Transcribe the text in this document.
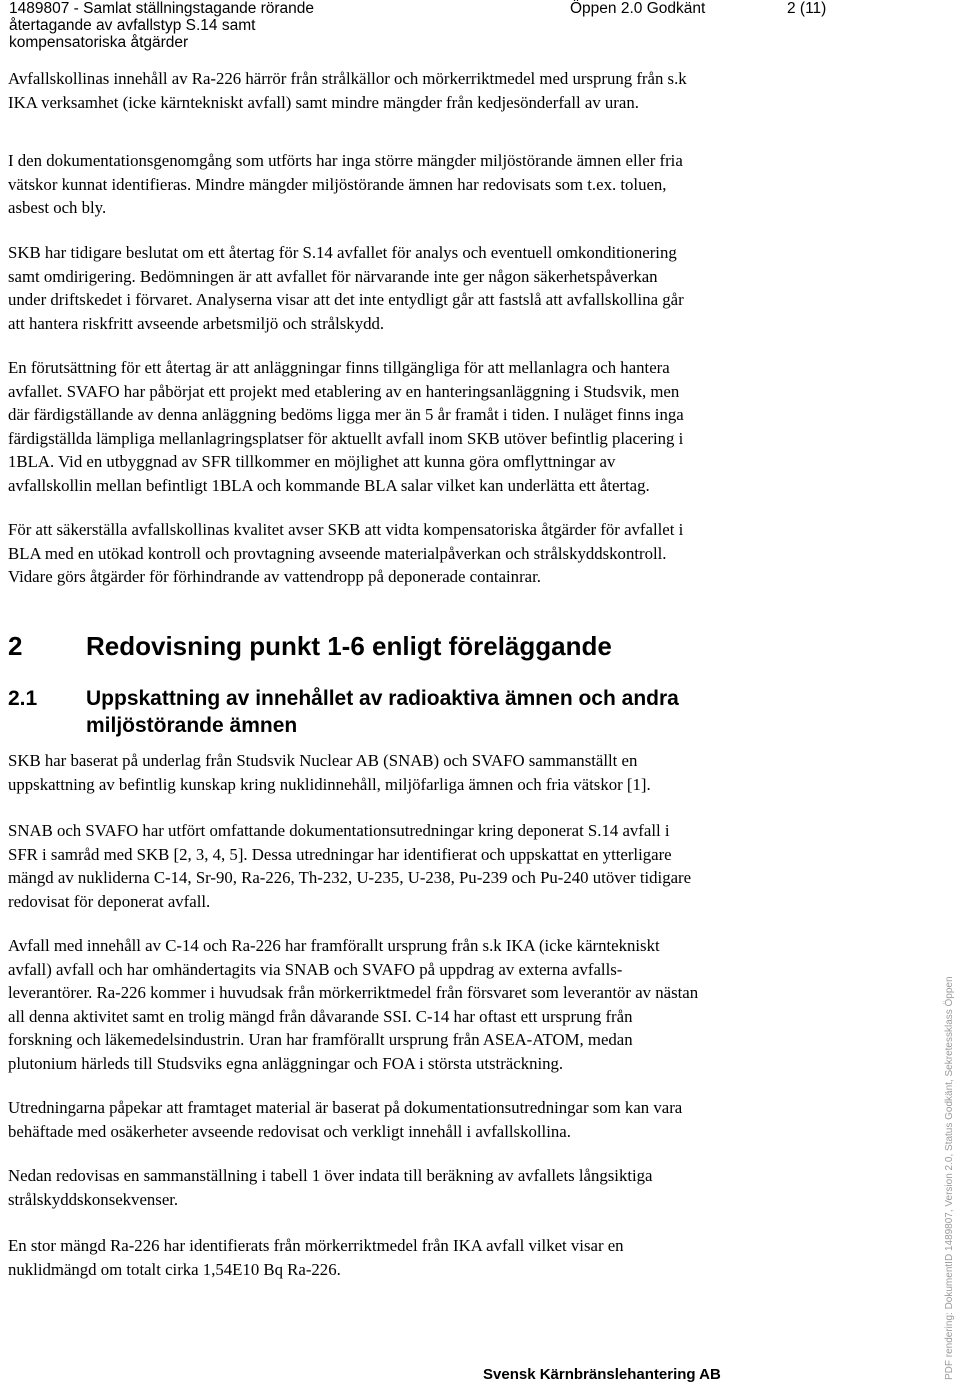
1489807 - Samlat ställningstagande rörande
återtagande av avfallstyp S.14 samt
kompensatoriska åtgärder
Öppen 2.0 Godkänt	2 (11)

Avfallskollinas innehåll av Ra-226 härrör från strålkällor och mörkerriktmedel med ursprung från s.k
IKA verksamhet (icke kärntekniskt avfall) samt mindre mängder från kedjesönderfall av uran.

I den dokumentationsgenomgång som utförts har inga större mängder miljöstörande ämnen eller fria
vätskor kunnat identifieras. Mindre mängder miljöstörande ämnen har redovisats som t.ex. toluen,
asbest och bly.

SKB har tidigare beslutat om ett återtag för S.14 avfallet för analys och eventuell omkonditionering
samt omdirigering. Bedömningen är att avfallet för närvarande inte ger någon säkerhetspåverkan
under driftskedet i förvaret. Analyserna visar att det inte entydligt går att fastslå att avfallskollina går
att hantera riskfritt avseende arbetsmiljö och strålskydd.

En förutsättning för ett återtag är att anläggningar finns tillgängliga för att mellanlagra och hantera
avfallet. SVAFO har påbörjat ett projekt med etablering av en hanteringsanläggning i Studsvik, men
där färdigställande av denna anläggning bedöms ligga mer än 5 år framåt i tiden. I nuläget finns inga
färdigställda lämpliga mellanlagringsplatser för aktuellt avfall inom SKB utöver befintlig placering i
1BLA. Vid en utbyggnad av SFR tillkommer en möjlighet att kunna göra omflyttningar av
avfallskollin mellan befintligt 1BLA och kommande BLA salar vilket kan underlätta ett återtag.

För att säkerställa avfallskollinas kvalitet avser SKB att vidta kompensatoriska åtgärder för avfallet i
BLA med en utökad kontroll och provtagning avseende materialpåverkan och strålskyddskontroll.
Vidare görs åtgärder för förhindrande av vattendropp på deponerade containrar.

2 Redovisning punkt 1-6 enligt föreläggande
2.1	Uppskattning av innehållet av radioaktiva ämnen och andra
miljöstörande ämnen

SKB har baserat på underlag från Studsvik Nuclear AB (SNAB) och SVAFO sammanställt en
uppskattning av befintlig kunskap kring nuklidinnehåll, miljöfarliga ämnen och fria vätskor [1].

SNAB och SVAFO har utfört omfattande dokumentationsutredningar kring deponerat S.14 avfall i
SFR i samråd med SKB [2, 3, 4, 5]. Dessa utredningar har identifierat och uppskattat en ytterligare
mängd av nukliderna C-14, Sr-90, Ra-226, Th-232, U-235, U-238, Pu-239 och Pu-240 utöver tidigare
redovisat för deponerat avfall.

Avfall med innehåll av C-14 och Ra-226 har framförallt ursprung från s.k IKA (icke kärntekniskt
avfall) avfall och har omhändertagits via SNAB och SVAFO på uppdrag av externa avfalls-
leverantörer. Ra-226 kommer i huvudsak från mörkerriktmedel från försvaret som leverantör av nästan
all denna aktivitet samt en trolig mängd från dåvarande SSI. C-14 har oftast ett ursprung från
forskning och läkemedelsindustrin. Uran har framförallt ursprung från ASEA-ATOM, medan
plutonium härleds till Studsviks egna anläggningar och FOA i största utsträckning.

Utredningarna påpekar att framtaget material är baserat på dokumentationsutredningar som kan vara
behäftade med osäkerheter avseende redovisat och verkligt innehåll i avfallskollina.

Nedan redovisas en sammanställning i tabell 1 över indata till beräkning av avfallets långsiktiga
strålskyddskonsekvenser.

En stor mängd Ra-226 har identifierats från mörkerriktmedel från IKA avfall vilket visar en
nuklidmängd om totalt cirka 1,54E10 Bq Ra-226.

Svensk Kärnbränslehantering AB	PDF rendering: DokumentID 1489807, Version 2.0, Status Godkänt, Sekretessklass Öppen
